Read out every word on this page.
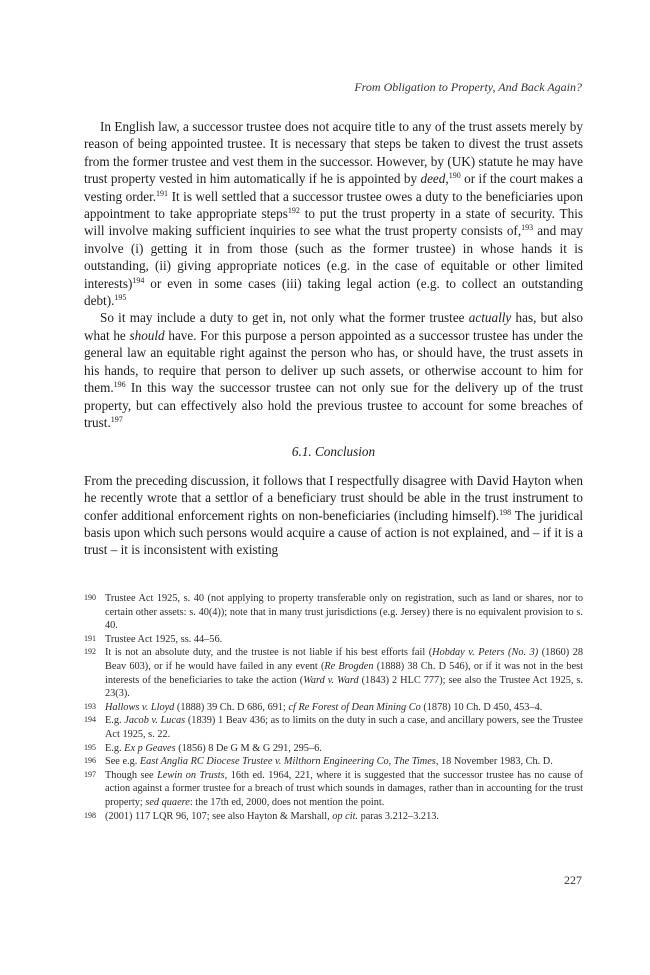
From Obligation to Property, And Back Again?

In English law, a successor trustee does not acquire title to any of the trust assets merely by reason of being appointed trustee. It is necessary that steps be taken to divest the trust assets from the former trustee and vest them in the successor. However, by (UK) statute he may have trust property vested in him automatically if he is appointed by deed,$^{190}$ or if the court makes a vesting order.$^{191}$ It is well settled that a successor trustee owes a duty to the beneficiaries upon appointment to take appropriate steps$^{192}$ to put the trust property in a state of security. This will involve making sufficient inquiries to see what the trust property consists of,$^{193}$ and may involve (i) getting it in from those (such as the former trustee) in whose hands it is outstanding, (ii) giving appropriate notices (e.g. in the case of equitable or other limited interests)$^{194}$ or even in some cases (iii) taking legal action (e.g. to collect an outstanding debt).$^{195}$

So it may include a duty to get in, not only what the former trustee actually has, but also what he should have. For this purpose a person appointed as a successor trustee has under the general law an equitable right against the person who has, or should have, the trust assets in his hands, to require that person to deliver up such assets, or otherwise account to him for them.$^{196}$ In this way the successor trustee can not only sue for the delivery up of the trust property, but can effectively also hold the previous trustee to account for some breaches of trust.$^{197}$

6.1. Conclusion

From the preceding discussion, it follows that I respectfully disagree with David Hayton when he recently wrote that a settlor of a beneficiary trust should be able in the trust instrument to confer additional enforcement rights on non-beneficiaries (including himself).$^{198}$ The juridical basis upon which such persons would acquire a cause of action is not explained, and – if it is a trust – it is inconsistent with existing

190 Trustee Act 1925, s. 40 (not applying to property transferable only on registration, such as land or shares, nor to certain other assets: s. 40(4)); note that in many trust jurisdictions (e.g. Jersey) there is no equivalent provision to s. 40.
191 Trustee Act 1925, ss. 44–56.
192 It is not an absolute duty, and the trustee is not liable if his best efforts fail (Hobday v. Peters (No. 3) (1860) 28 Beav 603), or if he would have failed in any event (Re Brogden (1888) 38 Ch. D 546), or if it was not in the best interests of the beneficiaries to take the action (Ward v. Ward (1843) 2 HLC 777); see also the Trustee Act 1925, s. 23(3).
193 Hallows v. Lloyd (1888) 39 Ch. D 686, 691; cf Re Forest of Dean Mining Co (1878) 10 Ch. D 450, 453–4.
194 E.g. Jacob v. Lucas (1839) 1 Beav 436; as to limits on the duty in such a case, and ancillary powers, see the Trustee Act 1925, s. 22.
195 E.g. Ex p Geaves (1856) 8 De G M & G 291, 295–6.
196 See e.g. East Anglia RC Diocese Trustee v. Milthorn Engineering Co, The Times, 18 November 1983, Ch. D.
197 Though see Lewin on Trusts, 16th ed. 1964, 221, where it is suggested that the successor trustee has no cause of action against a former trustee for a breach of trust which sounds in damages, rather than in accounting for the trust property; sed quaere: the 17th ed, 2000, does not mention the point.
198 (2001) 117 LQR 96, 107; see also Hayton & Marshall, op cit. paras 3.212–3.213.
227
